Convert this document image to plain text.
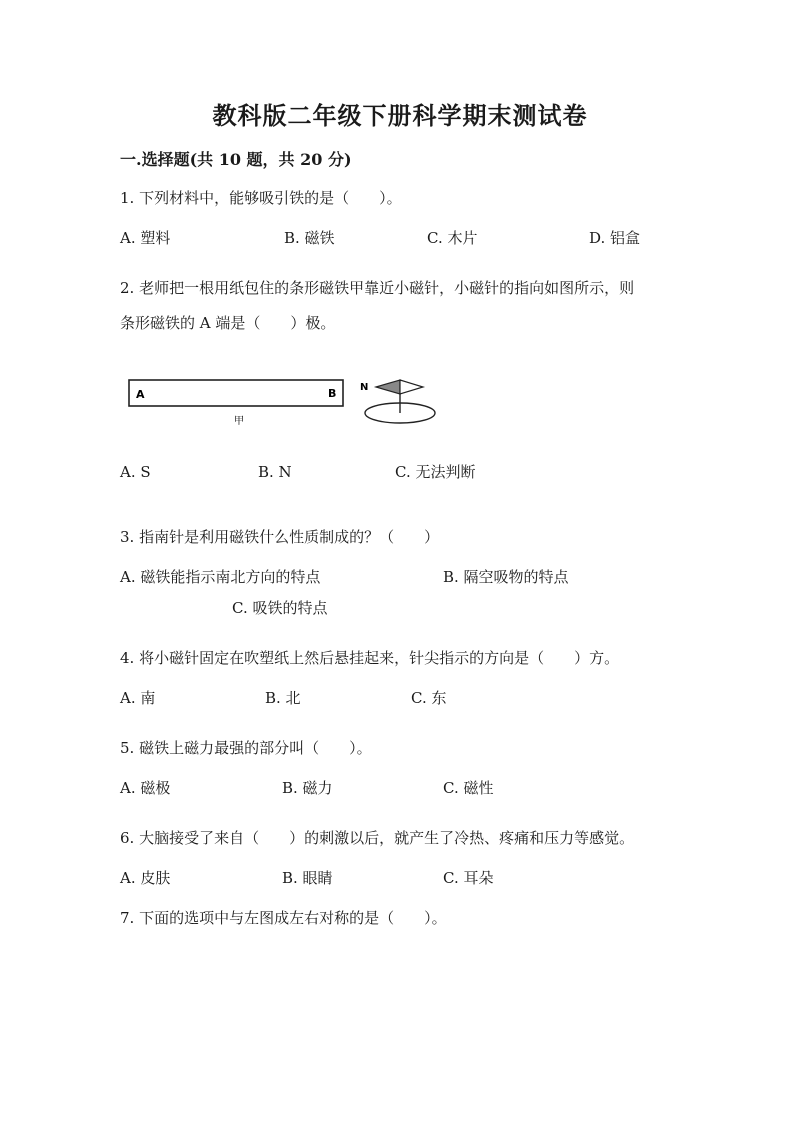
教科版二年级下册科学期末测试卷
一.选择题(共 10 题，共 20 分)
1. 下列材料中，能够吸引铁的是（　　）。
A. 塑料	B. 磁铁	C. 木片	D. 铝盒
2. 老师把一根用纸包住的条形磁铁甲靠近小磁针，小磁针的指向如图所示，则
条形磁铁的 A 端是（　　）极。
A	B
甲
N
A. S	B. N	C. 无法判断
3. 指南针是利用磁铁什么性质制成的？（　　）
A. 磁铁能指示南北方向的特点	B. 隔空吸物的特点
C. 吸铁的特点
4. 将小磁针固定在吹塑纸上然后悬挂起来，针尖指示的方向是（　　）方。
A. 南	B. 北	C. 东
5. 磁铁上磁力最强的部分叫（　　）。
A. 磁极	B. 磁力	C. 磁性
6. 大脑接受了来自（　　）的刺激以后，就产生了冷热、疼痛和压力等感觉。
A. 皮肤	B. 眼睛	C. 耳朵
7. 下面的选项中与左图成左右对称的是（　　）。
